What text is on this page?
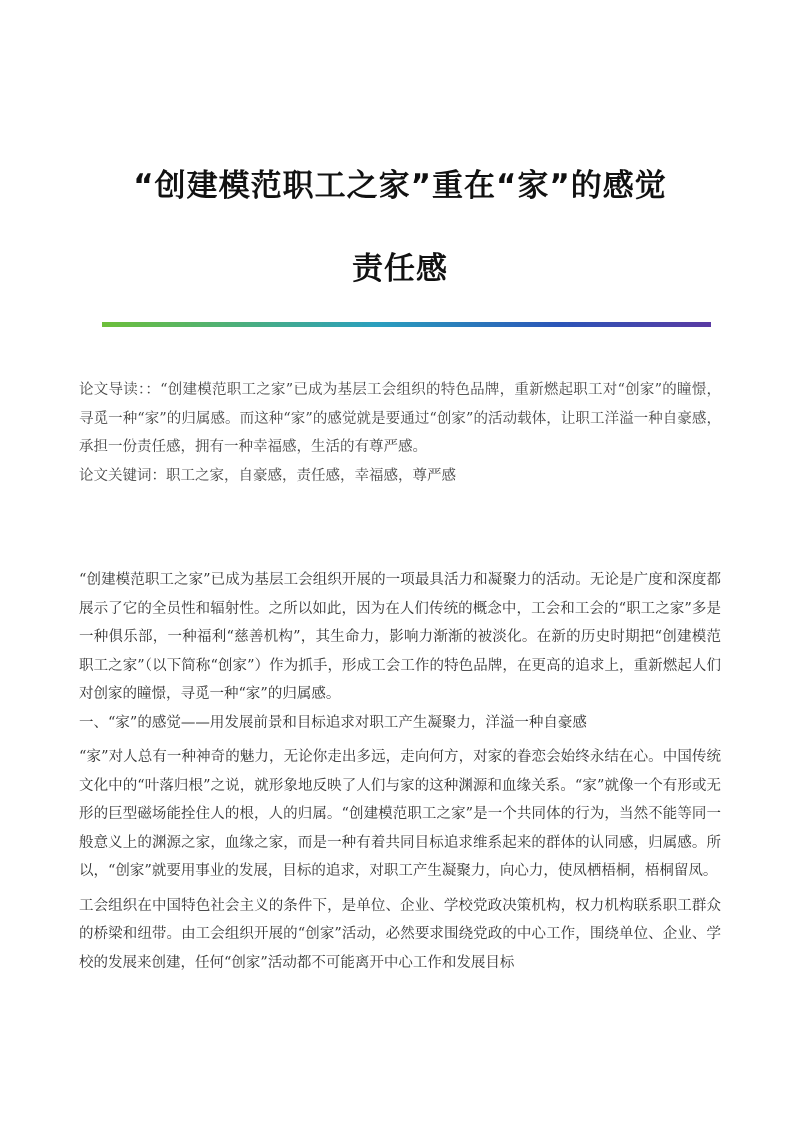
“创建模范职工之家”重在“家”的感觉
责任感

论文导读：：“创建模范职工之家”已成为基层工会组织的特色品牌，重新燃起职工对“创家”的瞳憬，寻觅一种“家”的归属感。而这种“家”的感觉就是要通过“创家”的活动载体，让职工洋溢一种自豪感，承担一份责任感，拥有一种幸福感，生活的有尊严感。

论文关键词：职工之家，自豪感，责任感，幸福感，尊严感

“创建模范职工之家”已成为基层工会组织开展的一项最具活力和凝聚力的活动。无论是广度和深度都展示了它的全员性和辐射性。之所以如此，因为在人们传统的概念中，工会和工会的“职工之家”多是一种俱乐部，一种福利“慈善机构”，其生命力，影响力渐渐的被淡化。在新的历史时期把“创建模范职工之家”（以下简称“创家”）作为抓手，形成工会工作的特色品牌，在更高的追求上，重新燃起人们对创家的瞳憬，寻觅一种“家”的归属感。

一、“家”的感觉——用发展前景和目标追求对职工产生凝聚力，洋溢一种自豪感

“家”对人总有一种神奇的魅力，无论你走出多远，走向何方，对家的眷恋会始终永结在心。中国传统文化中的“叶落归根”之说，就形象地反映了人们与家的这种渊源和血缘关系。“家”就像一个有形或无形的巨型磁场能拴住人的根，人的归属。“创建模范职工之家”是一个共同体的行为，当然不能等同一般意义上的渊源之家，血缘之家，而是一种有着共同目标追求维系起来的群体的认同感，归属感。所以，“创家”就要用事业的发展，目标的追求，对职工产生凝聚力，向心力，使凤栖梧桐，梧桐留凤。

工会组织在中国特色社会主义的条件下，是单位、企业、学校党政决策机构，权力机构联系职工群众的桥梁和纽带。由工会组织开展的“创家”活动，必然要求围绕党政的中心工作，围绕单位、企业、学校的发展来创建，任何“创家”活动都不可能离开中心工作和发展目标
